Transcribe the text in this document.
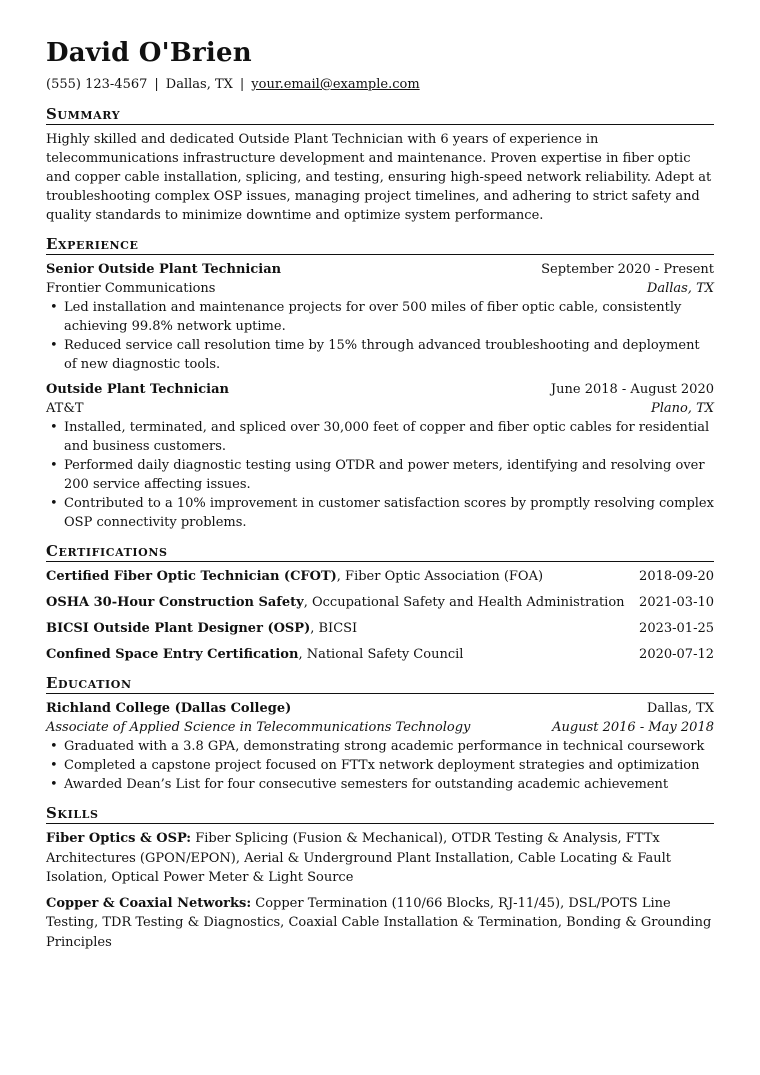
David O'Brien
(555) 123-4567 | Dallas, TX | your.email@example.com
Summary

Highly skilled and dedicated Outside Plant Technician with 6 years of experience in telecommunications infrastructure development and maintenance. Proven expertise in fiber optic and copper cable installation, splicing, and testing, ensuring high-speed network reliability. Adept at troubleshooting complex OSP issues, managing project timelines, and adhering to strict safety and quality standards to minimize downtime and optimize system performance.

Experience
Senior Outside Plant Technician	September 2020 - Present
Frontier Communications	Dallas, TX
• Led installation and maintenance projects for over 500 miles of fiber optic cable, consistently achieving 99.8% network uptime.
• Reduced service call resolution time by 15% through advanced troubleshooting and deployment of new diagnostic tools.
Outside Plant Technician	June 2018 - August 2020
AT&T	Plano, TX
• Installed, terminated, and spliced over 30,000 feet of copper and fiber optic cables for residential and business customers.
• Performed daily diagnostic testing using OTDR and power meters, identifying and resolving over 200 service affecting issues.
• Contributed to a 10% improvement in customer satisfaction scores by promptly resolving complex OSP connectivity problems.
Certifications
Certified Fiber Optic Technician (CFOT), Fiber Optic Association (FOA)	2018-09-20
OSHA 30-Hour Construction Safety, Occupational Safety and Health Administration 2021-03-10
BICSI Outside Plant Designer (OSP), BICSI	2023-01-25
Confined Space Entry Certification, National Safety Council	2020-07-12
Education
Richland College (Dallas College)	Dallas, TX
Associate of Applied Science in Telecommunications Technology	August 2016 - May 2018
• Graduated with a 3.8 GPA, demonstrating strong academic performance in technical coursework
• Completed a capstone project focused on FTTx network deployment strategies and optimization
• Awarded Dean’s List for four consecutive semesters for outstanding academic achievement
Skills

Fiber Optics & OSP: Fiber Splicing (Fusion & Mechanical), OTDR Testing & Analysis, FTTx Architectures (GPON/EPON), Aerial & Underground Plant Installation, Cable Locating & Fault Isolation, Optical Power Meter & Light Source

Copper & Coaxial Networks: Copper Termination (110/66 Blocks, RJ-11/45), DSL/POTS Line Testing, TDR Testing & Diagnostics, Coaxial Cable Installation & Termination, Bonding & Grounding Principles
